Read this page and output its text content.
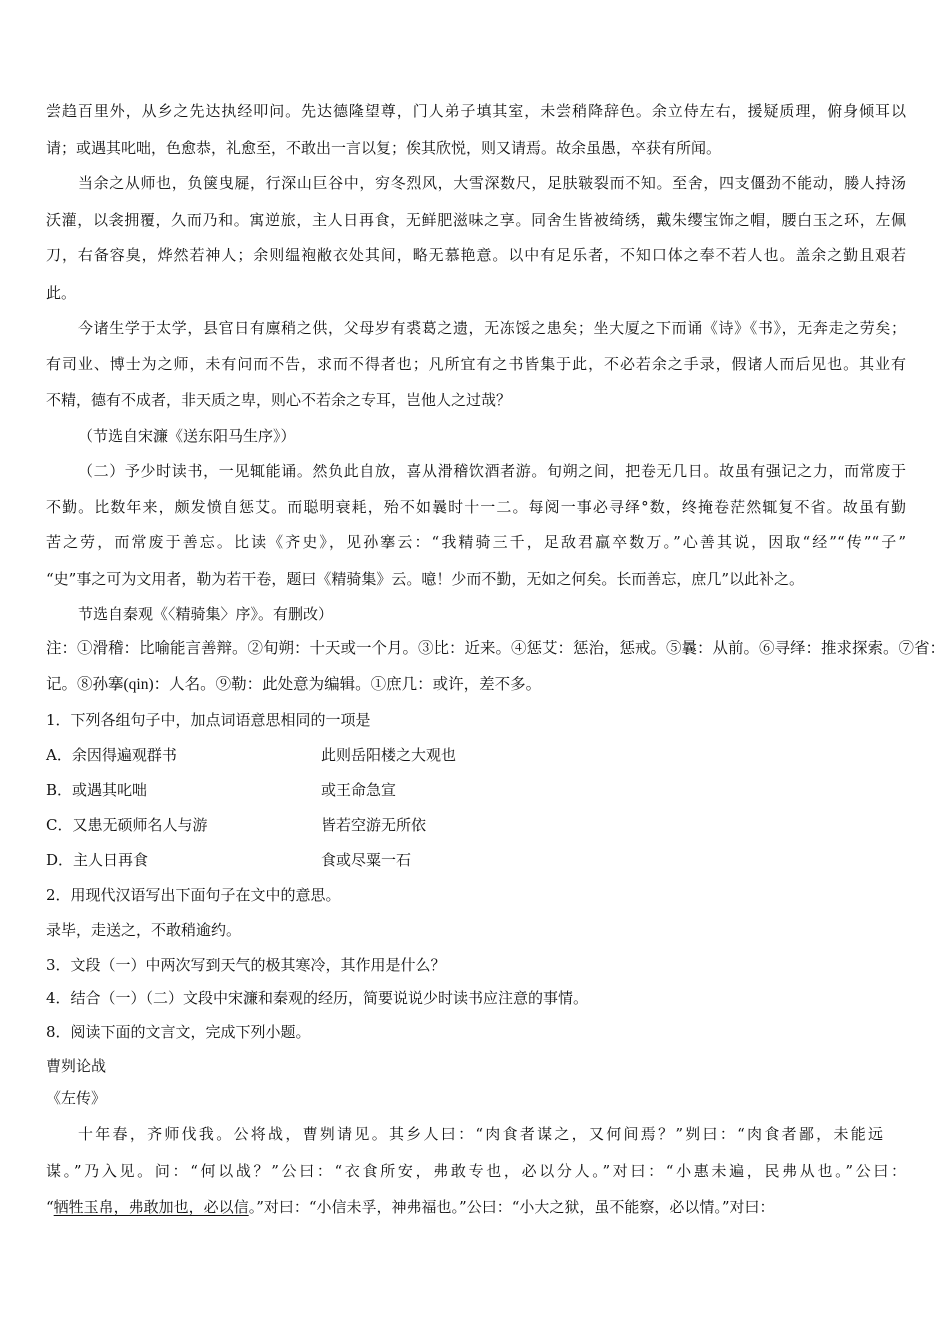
尝趋百里外，从乡之先达执经叩问。先达德隆望尊，门人弟子填其室，未尝稍降辞色。余立侍左右，援疑质理，俯身倾耳以
请；或遇其叱咄，色愈恭，礼愈至，不敢出一言以复；俟其欣悦，则又请焉。故余虽愚，卒获有所闻。
当余之从师也，负箧曳屣，行深山巨谷中，穷冬烈风，大雪深数尺，足肤皲裂而不知。至舍，四支僵劲不能动，媵人持汤
沃灌，以衾拥覆，久而乃和。寓逆旅，主人日再食，无鲜肥滋味之享。同舍生皆被绮绣，戴朱缨宝饰之帽，腰白玉之环，左佩
刀，右备容臭，烨然若神人；余则缊袍敝衣处其间，略无慕艳意。以中有足乐者，不知口体之奉不若人也。盖余之勤且艰若
此。
今诸生学于太学，县官日有廪稍之供，父母岁有裘葛之遗，无冻馁之患矣；坐大厦之下而诵《诗》《书》，无奔走之劳矣；
有司业、博士为之师，未有问而不告，求而不得者也；凡所宜有之书皆集于此，不必若余之手录，假诸人而后见也。其业有
不精，德有不成者，非天质之卑，则心不若余之专耳，岂他人之过哉？
（节选自宋濂《送东阳马生序》）
（二）予少时读书，一见辄能诵。然负此自放，喜从滑稽饮酒者游。旬朔之间，把卷无几日。故虽有强记之力，而常废于
不勤。比数年来，颇发愤自惩艾。而聪明衰耗，殆不如曩时十一二。每阅一事必寻绎°数，终掩卷茫然辄复不省。故虽有勤
苦之劳，而常废于善忘。比读《齐史》，见孙搴云：“我精骑三千，足敌君羸卒数万。”心善其说，因取“经”“传”“子”
“史”事之可为文用者，勒为若干卷，题曰《精骑集》云。噫！少而不勤，无如之何矣。长而善忘，庶几”以此补之。
节选自秦观《〈精骑集〉序》。有删改）
注：①滑稽：比喻能言善辩。②旬朔：十天或一个月。③比：近来。④惩艾：惩治，惩戒。⑤曩：从前。⑥寻绎：推求探索。⑦省：
记。⑧孙搴(qin)：人名。⑨勒：此处意为编辑。①庶几：或许，差不多。
1．下列各组句子中，加点词语意思相同的一项是
A．余因得遍观群书	此则岳阳楼之大观也
B．或遇其叱咄	或王命急宣
C．又患无硕师名人与游	皆若空游无所依
D．主人日再食	食或尽粟一石
2．用现代汉语写出下面句子在文中的意思。
录毕，走送之，不敢稍逾约。
3．文段（一）中两次写到天气的极其寒冷，其作用是什么？
4．结合（一）（二）文段中宋濂和秦观的经历，简要说说少时读书应注意的事情。
8．阅读下面的文言文，完成下列小题。
曹刿论战
《左传》
十年春，齐师伐我。公将战，曹刿请见。其乡人曰：“肉食者谋之，又何间焉？”刿曰：“肉食者鄙，未能远
谋。”乃入见。问：“何以战？”公曰：“衣食所安，弗敢专也，必以分人。”对曰：“小惠未遍，民弗从也。”公曰：
“牺牲玉帛，弗敢加也，必以信。”对曰：“小信未孚，神弗福也。”公曰：“小大之狱，虽不能察，必以情。”对曰：
